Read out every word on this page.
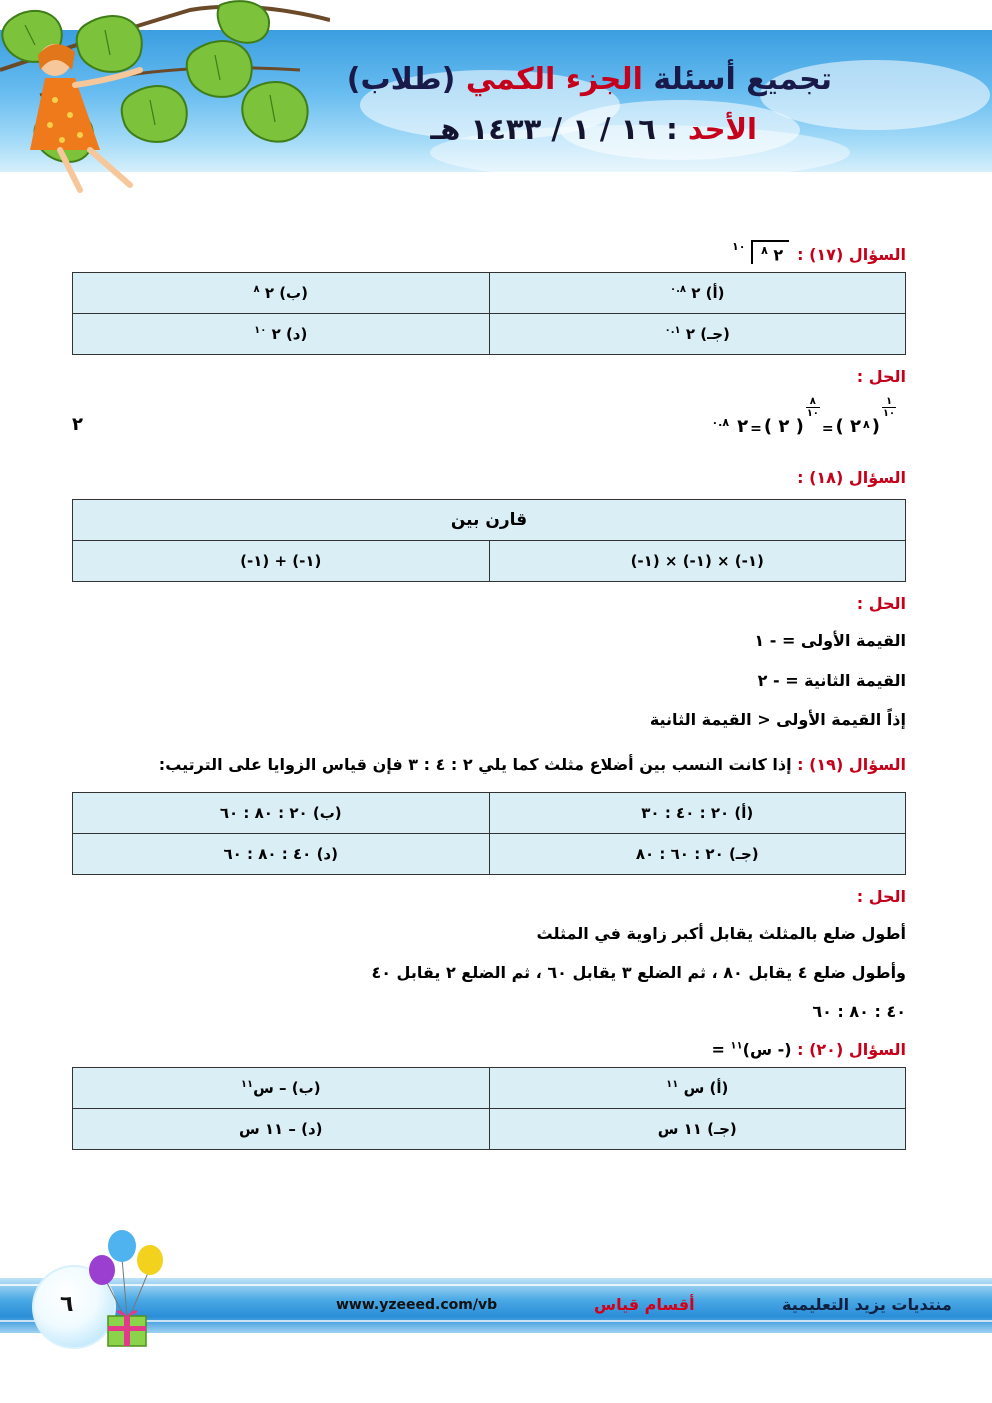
تجميع أسئلة الجزء الكمي (طلاب)
الأحد : ١٦ / ١ / ١٤٣٣ هـ
السؤال (١٧) :
$^{١٠}$ ٢ $^٨$
(أ) ٢ $^{٠.٨}$	(ب) ٢ $^٨$
(جـ) ٢ $^{٠.١}$	(د) ٢ $^{١٠}$
الحل :
٢	$^{٠.٨}$ ٢ = ( ٢ )
٨
١٠
= ( ٢ $^٨$ )
١
١٠
السؤال (١٨) :
قارن بين
(-١) × (-١) × (-١)	(-١) + (-١)
الحل :
القيمة الأولى = - ١
القيمة الثانية = - ٢
إذاً القيمة الأولى < القيمة الثانية
السؤال (١٩) : إذا كانت النسب بين أضلاع مثلث كما يلي ٢ : ٤ : ٣ فإن قياس الزوايا على الترتيب:
(أ) ٢٠ : ٤٠ : ٣٠	(ب) ٢٠ : ٨٠ : ٦٠
(جـ) ٢٠ : ٦٠ : ٨٠	(د) ٤٠ : ٨٠ : ٦٠
الحل :
أطول ضلع بالمثلث يقابل أكبر زاوية في المثلث
وأطول ضلع ٤ يقابل ٨٠ ، ثم الضلع ٣ يقابل ٦٠ ، ثم الضلع ٢ يقابل ٤٠
٤٠ : ٨٠ : ٦٠
السؤال (٢٠) : (- س)$^{١١}$ =
(أ) س $^{١١}$	(ب) – س$^{١١}$
(جـ) ١١ س	(د) – ١١ س
www.yzeeed.com/vb	أقسام قياس	منتديات يزيد التعليمية
٦
